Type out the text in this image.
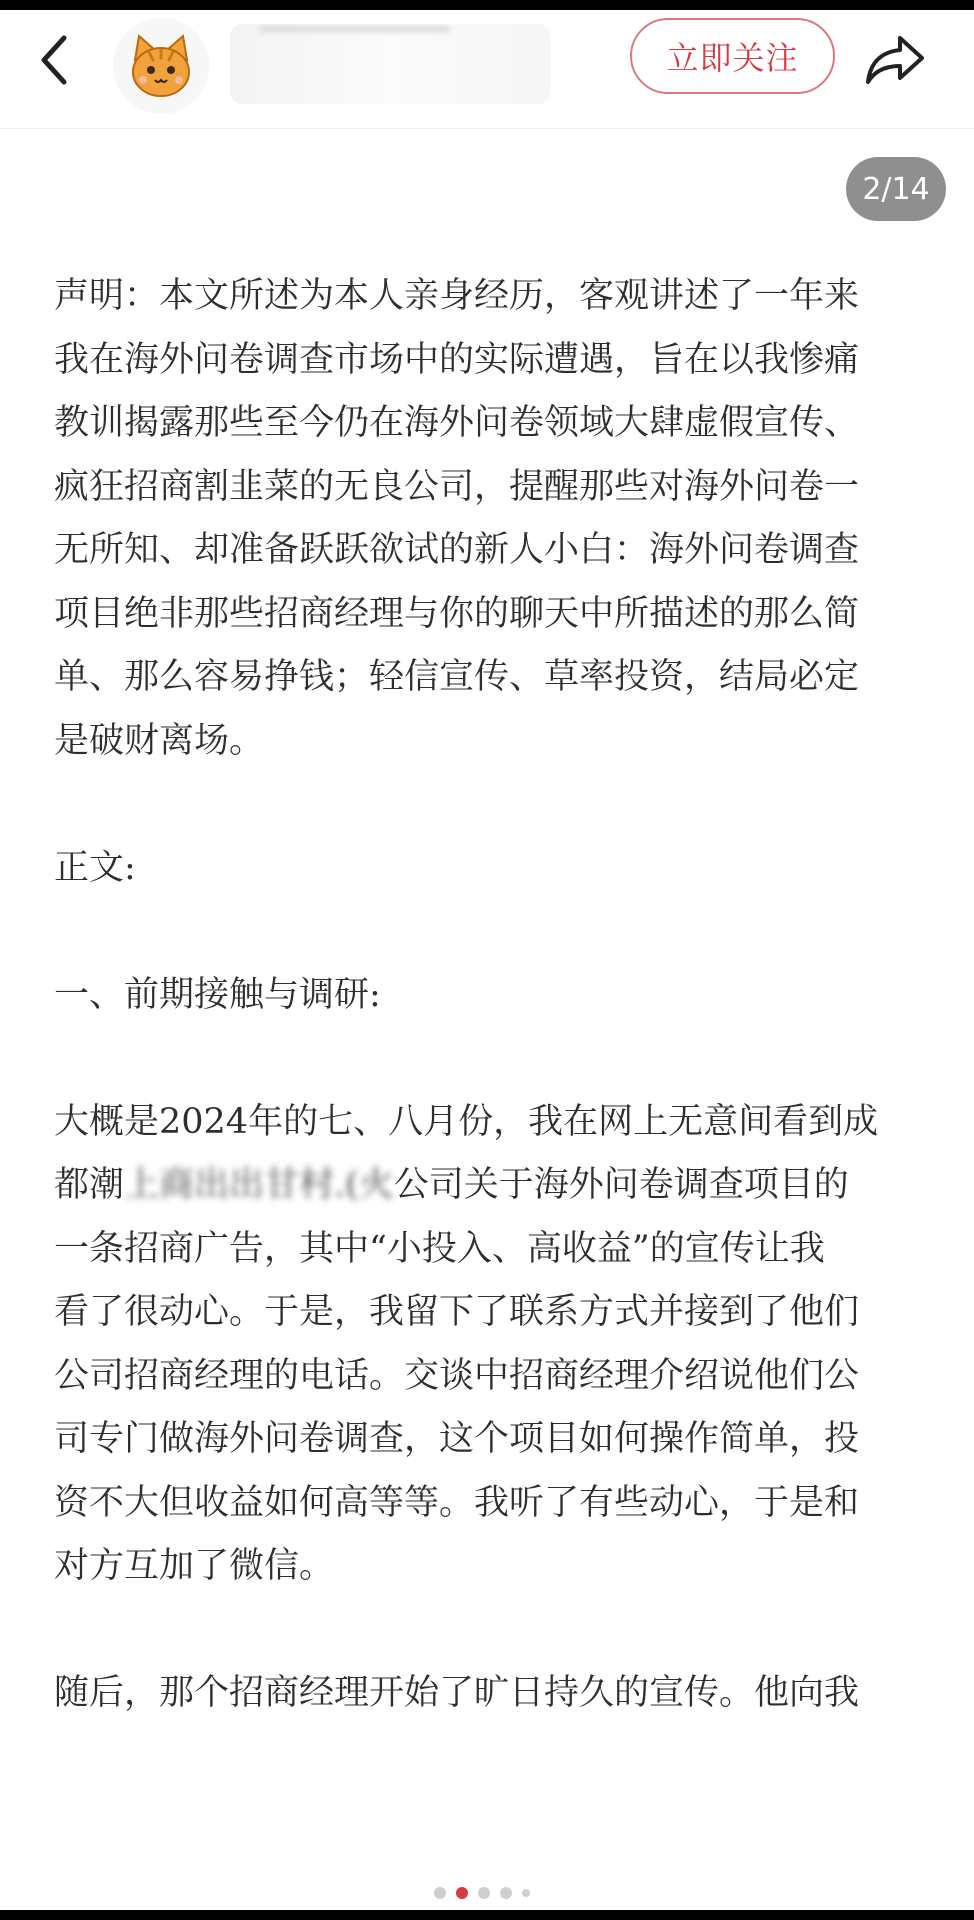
立即关注
2/14

声明：本文所述为本人亲身经历，客观讲述了一年来

我在海外问卷调查市场中的实际遭遇，旨在以我惨痛

教训揭露那些至今仍在海外问卷领域大肆虚假宣传、

疯狂招商割韭菜的无良公司，提醒那些对海外问卷一

无所知、却准备跃跃欲试的新人小白：海外问卷调查

项目绝非那些招商经理与你的聊天中所描述的那么简

单、那么容易挣钱；轻信宣传、草率投资，结局必定

是破财离场。

正文:

一、前期接触与调研:

大概是2024年的七、八月份，我在网上无意间看到成

都潮上商出出甘村.(火公司关于海外问卷调查项目的

一条招商广告，其中“小投入、高收益”的宣传让我

看了很动心。于是，我留下了联系方式并接到了他们

公司招商经理的电话。交谈中招商经理介绍说他们公

司专门做海外问卷调查，这个项目如何操作简单，投

资不大但收益如何高等等。我听了有些动心，于是和

对方互加了微信。

随后，那个招商经理开始了旷日持久的宣传。他向我
